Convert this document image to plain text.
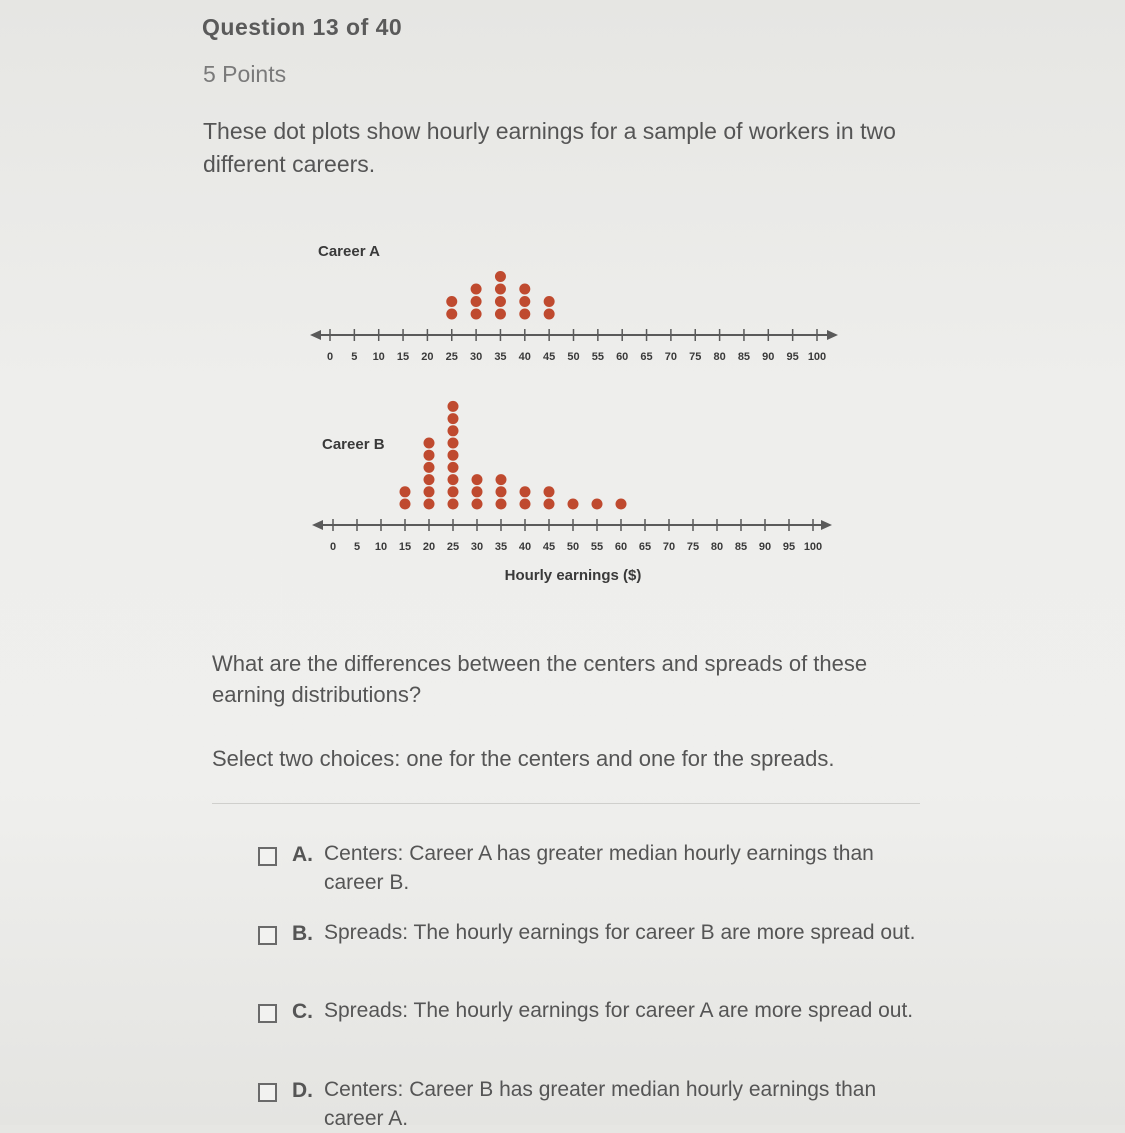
Question 13 of 40
5 Points
These dot plots show hourly earnings for a sample of workers in two different careers.
Career A
0 5 10 15 20 25 30 35 40 45 50 55 60 65 70 75 80 85 90 95 100
Career B
0 5 10 15 20 25 30 35 40 45 50 55 60 65 70 75 80 85 90 95 100
Hourly earnings ($)
What are the differences between the centers and spreads of these earning distributions?
Select two choices: one for the centers and one for the spreads.
A. Centers: Career A has greater median hourly earnings than career B.
B. Spreads: The hourly earnings for career B are more spread out.
C. Spreads: The hourly earnings for career A are more spread out.
D. Centers: Career B has greater median hourly earnings than career A.
